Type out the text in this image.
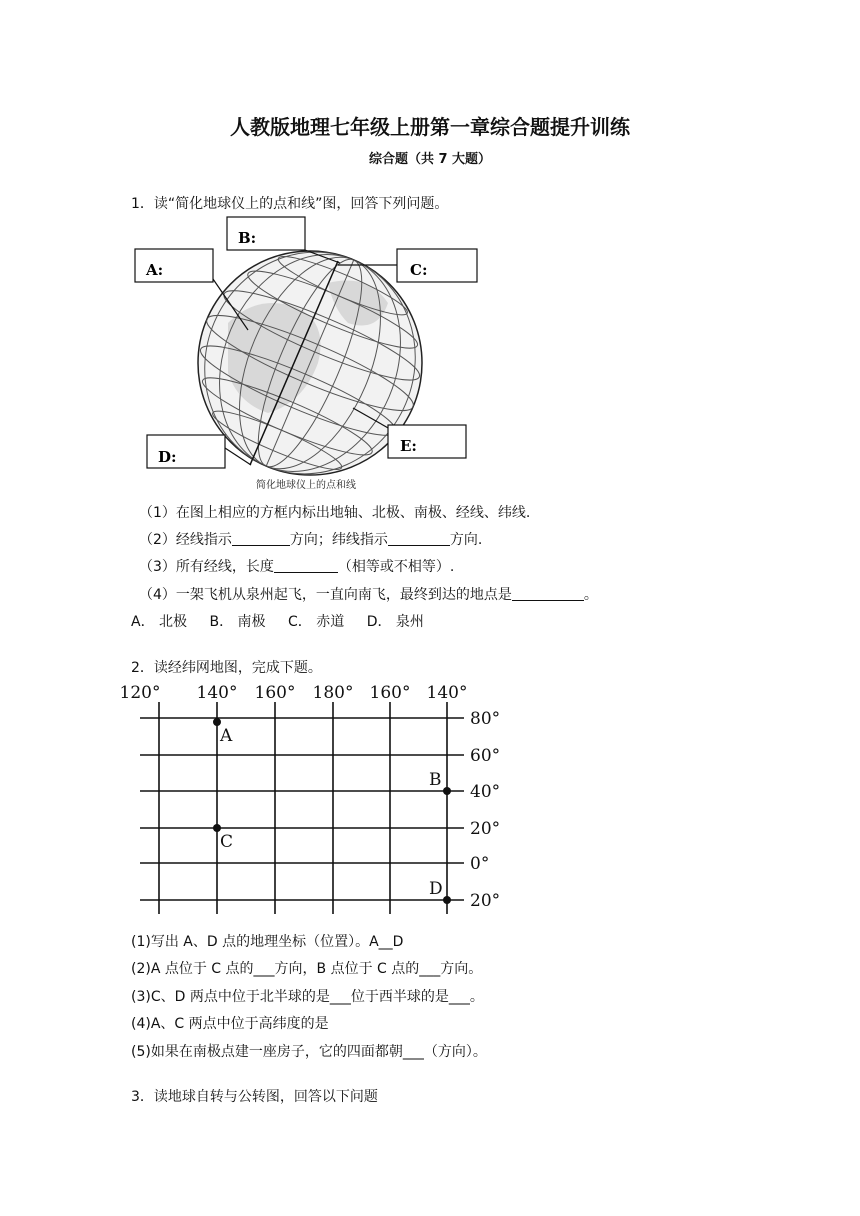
人教版地理七年级上册第一章综合题提升训练
综合题（共 7 大题）
1．读“简化地球仪上的点和线”图，回答下列问题。
A:
B:
C:
D:
E:
简化地球仪上的点和线
（1）在图上相应的方框内标出地轴、北极、南极、经线、纬线.
（2）经线指示	方向；纬线指示	方向.
（3）所有经线，长度	（相等或不相等）.
（4）一架飞机从泉州起飞，一直向南飞，最终到达的地点是	。
A． 北极 B． 南极 C． 赤道 D． 泉州
2．读经纬网地图，完成下题。
120° 140° 160° 180° 160° 140°
80°
60°
40°
20°
0°
20°
A
B
C
D
(1)写出 A、D 点的地理坐标（位置）。A__D
(2)A 点位于 C 点的___方向，B 点位于 C 点的___方向。
(3)C、D 两点中位于北半球的是___位于西半球的是___。
(4)A、C 两点中位于高纬度的是
(5)如果在南极点建一座房子，它的四面都朝___（方向）。
3．读地球自转与公转图，回答以下问题
